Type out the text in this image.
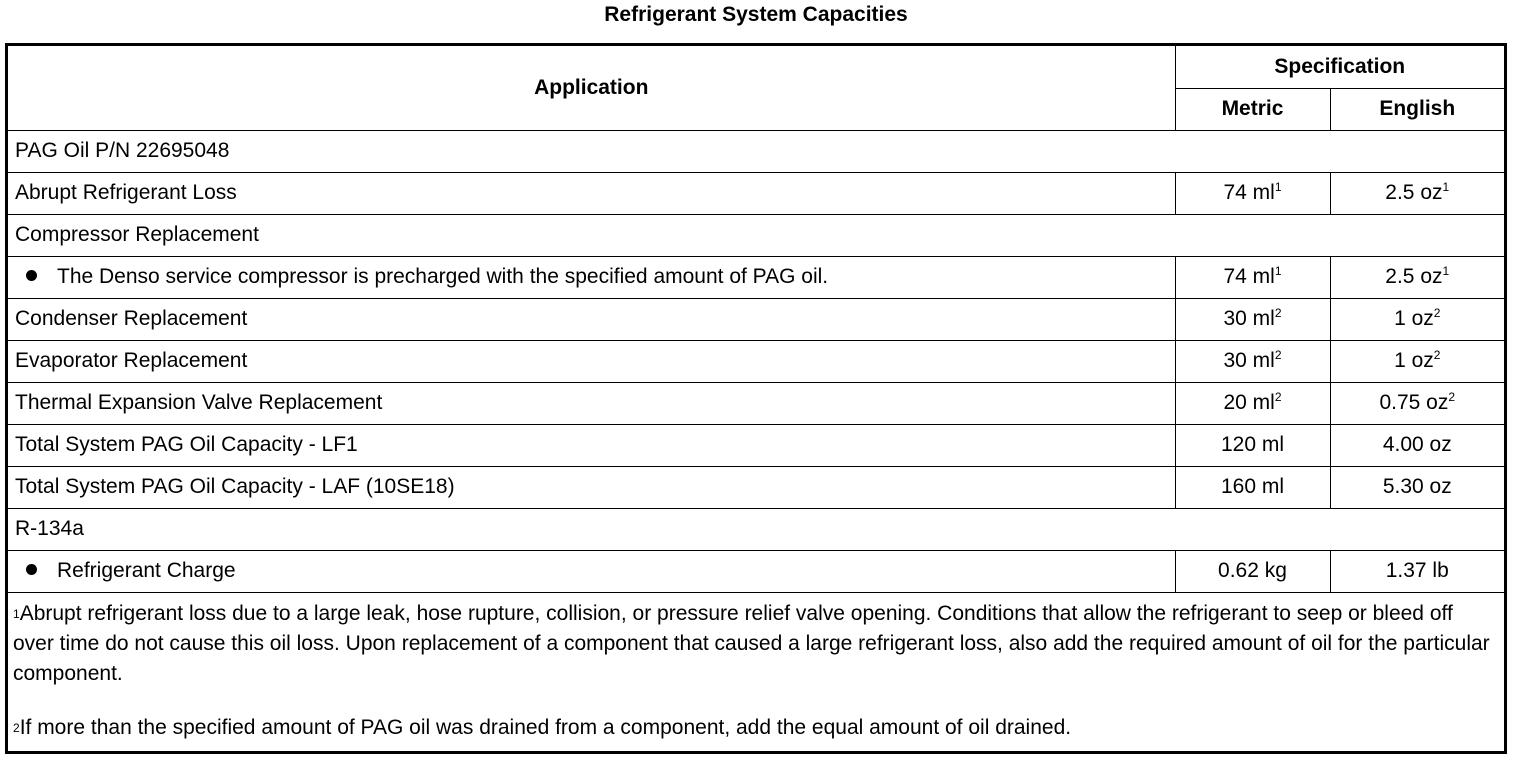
Refrigerant System Capacities
Application	Specification	
	Metric	English
PAG Oil P/N 22695048		
Abrupt Refrigerant Loss	74 $ml^1$	2.5 $oz^1$
Compressor Replacement		
The Denso service compressor is precharged with the specified amount of PAG oil.	74 $ml^1$	2.5 $oz^1$
Condenser Replacement	30 $ml^2$	1 $oz^2$
Evaporator Replacement	30 $ml^2$	1 $oz^2$
Thermal Expansion Valve Replacement	20 $ml^2$	0.75 $oz^2$
Total System PAG Oil Capacity - LF1	120 ml	4.00 oz
Total System PAG Oil Capacity - LAF (10SE18)	160 ml	5.30 oz
R-134a		
Refrigerant Charge	0.62 kg	1.37 lb

$^1$Abrupt refrigerant loss due to a large leak, hose rupture, collision, or pressure relief valve opening. Conditions that allow the refrigerant to seep or bleed off over time do not cause this oil loss. Upon replacement of a component that caused a large refrigerant loss, also add the required amount of oil for the particular component.

$^2$If more than the specified amount of PAG oil was drained from a component, add the equal amount of oil drained.
